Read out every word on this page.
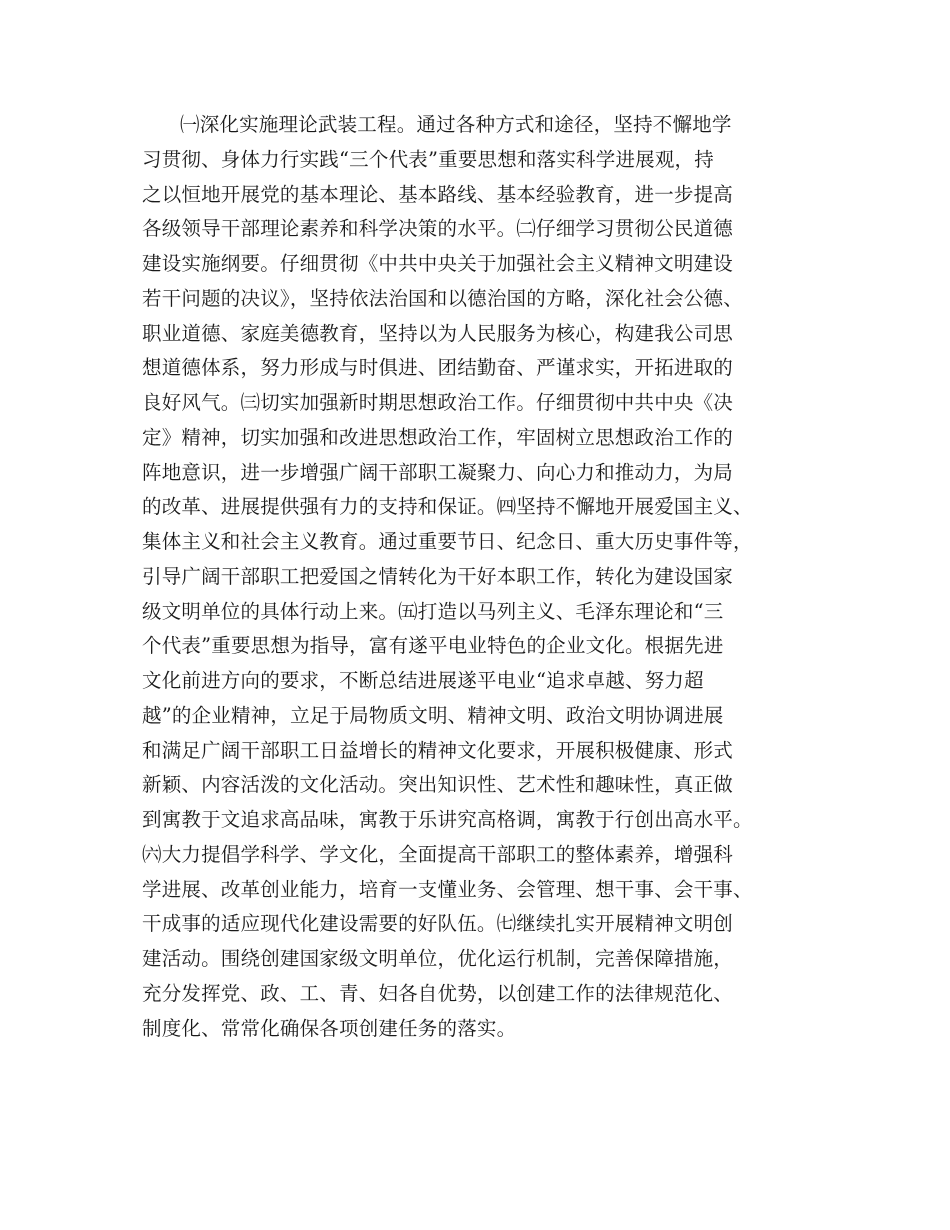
㈠深化实施理论武装工程。通过各种方式和途径，坚持不懈地学
习贯彻、身体力行实践“三个代表”重要思想和落实科学进展观，持
之以恒地开展党的基本理论、基本路线、基本经验教育，进一步提高
各级领导干部理论素养和科学决策的水平。㈡仔细学习贯彻公民道德
建设实施纲要。仔细贯彻《中共中央关于加强社会主义精神文明建设
若干问题的决议》，坚持依法治国和以德治国的方略，深化社会公德、
职业道德、家庭美德教育，坚持以为人民服务为核心，构建我公司思
想道德体系，努力形成与时俱进、团结勤奋、严谨求实，开拓进取的
良好风气。㈢切实加强新时期思想政治工作。仔细贯彻中共中央《决
定》精神，切实加强和改进思想政治工作，牢固树立思想政治工作的
阵地意识，进一步增强广阔干部职工凝聚力、向心力和推动力，为局
的改革、进展提供强有力的支持和保证。㈣坚持不懈地开展爱国主义、
集体主义和社会主义教育。通过重要节日、纪念日、重大历史事件等，
引导广阔干部职工把爱国之情转化为干好本职工作，转化为建设国家
级文明单位的具体行动上来。㈤打造以马列主义、毛泽东理论和“三
个代表”重要思想为指导，富有遂平电业特色的企业文化。根据先进
文化前进方向的要求，不断总结进展遂平电业“追求卓越、努力超
越”的企业精神，立足于局物质文明、精神文明、政治文明协调进展
和满足广阔干部职工日益增长的精神文化要求，开展积极健康、形式
新颖、内容活泼的文化活动。突出知识性、艺术性和趣味性，真正做
到寓教于文追求高品味，寓教于乐讲究高格调，寓教于行创出高水平。
㈥大力提倡学科学、学文化，全面提高干部职工的整体素养，增强科
学进展、改革创业能力，培育一支懂业务、会管理、想干事、会干事、
干成事的适应现代化建设需要的好队伍。㈦继续扎实开展精神文明创
建活动。围绕创建国家级文明单位，优化运行机制，完善保障措施，
充分发挥党、政、工、青、妇各自优势，以创建工作的法律规范化、
制度化、常常化确保各项创建任务的落实。
